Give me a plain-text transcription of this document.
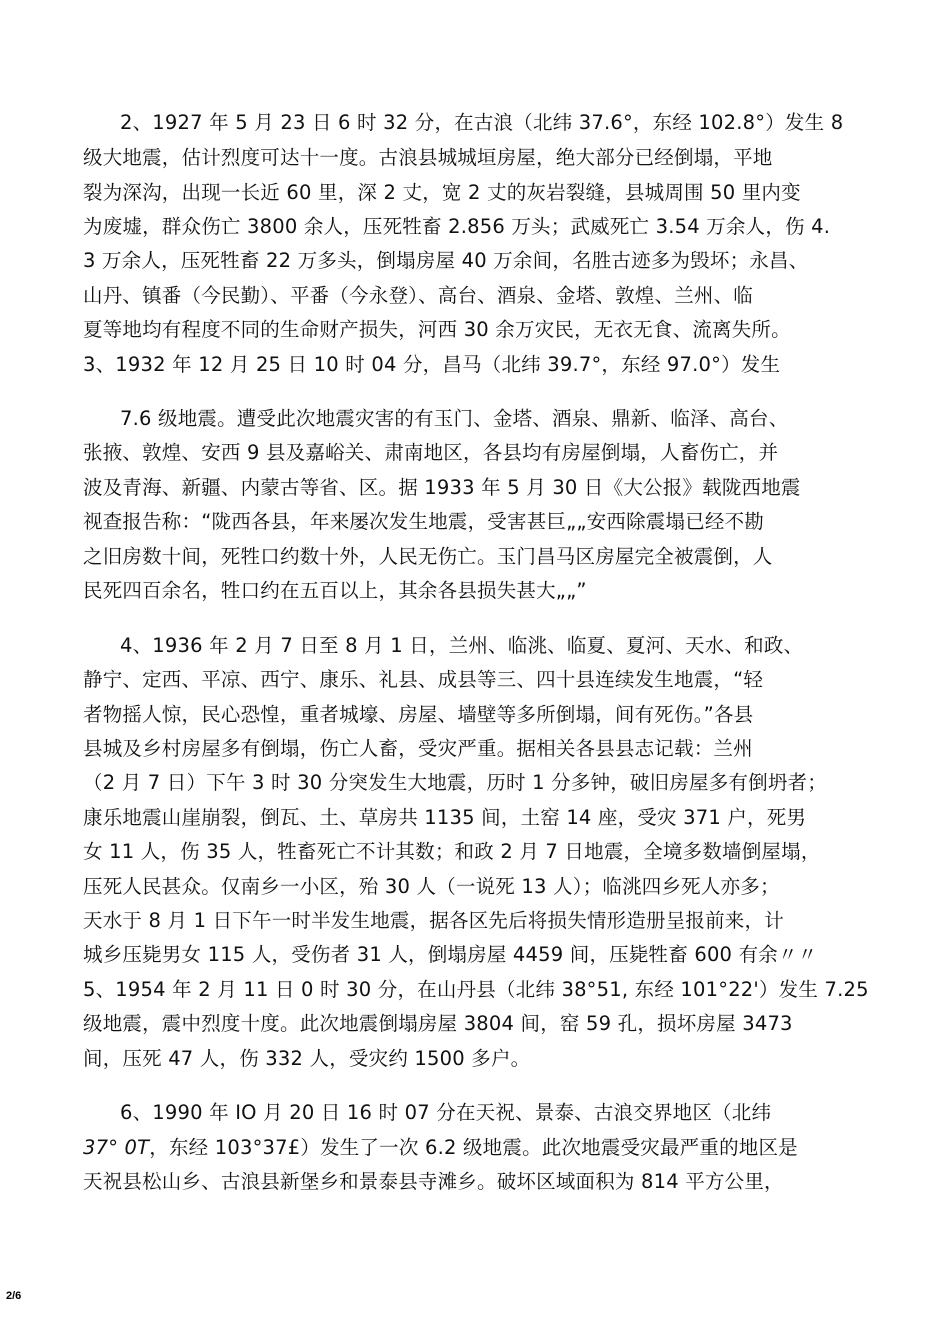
2、1927 年 5 月 23 日 6 时 32 分，在古浪（北纬 37.6°，东经 102.8°）发生 8
级大地震，估计烈度可达十一度。古浪县城城垣房屋，绝大部分已经倒塌，平地
裂为深沟，出现一长近 60 里，深 2 丈，宽 2 丈的灰岩裂缝，县城周围 50 里内变
为废墟，群众伤亡 3800 余人，压死牲畜 2.856 万头；武威死亡 3.54 万余人，伤 4.
3 万余人，压死牲畜 22 万多头，倒塌房屋 40 万余间，名胜古迹多为毁坏；永昌、
山丹、镇番（今民勤）、平番（今永登）、高台、酒泉、金塔、敦煌、兰州、临
夏等地均有程度不同的生命财产损失，河西 30 余万灾民，无衣无食、流离失所。
3、1932 年 12 月 25 日 10 时 04 分，昌马（北纬 39.7°，东经 97.0°）发生
7.6 级地震。遭受此次地震灾害的有玉门、金塔、酒泉、鼎新、临泽、高台、
张掖、敦煌、安西 9 县及嘉峪关、肃南地区，各县均有房屋倒塌，人畜伤亡，并
波及青海、新疆、内蒙古等省、区。据 1933 年 5 月 30 日《大公报》载陇西地震
视查报告称：“陇西各县，年来屡次发生地震，受害甚巨„„安西除震塌已经不勘
之旧房数十间，死牲口约数十外，人民无伤亡。玉门昌马区房屋完全被震倒，人
民死四百余名，牲口约在五百以上，其余各县损失甚大„„”
4、1936 年 2 月 7 日至 8 月 1 日，兰州、临洮、临夏、夏河、天水、和政、
静宁、定西、平凉、西宁、康乐、礼县、成县等三、四十县连续发生地震，“轻
者物摇人惊，民心恐惶，重者城壕、房屋、墙壁等多所倒塌，间有死伤。”各县
县城及乡村房屋多有倒塌，伤亡人畜，受灾严重。据相关各县县志记载：兰州
（2 月 7 日）下午 3 时 30 分突发生大地震，历时 1 分多钟，破旧房屋多有倒坍者；
康乐地震山崖崩裂，倒瓦、土、草房共 1135 间，土窑 14 座，受灾 371 户，死男
女 11 人，伤 35 人，牲畜死亡不计其数；和政 2 月 7 日地震，全境多数墙倒屋塌，
压死人民甚众。仅南乡一小区，殆 30 人（一说死 13 人）；临洮四乡死人亦多；
天水于 8 月 1 日下午一时半发生地震，据各区先后将损失情形造册呈报前来，计
城乡压毙男女 115 人，受伤者 31 人，倒塌房屋 4459 间，压毙牲畜 600 有余〃〃
5、1954 年 2 月 11 日 0 时 30 分，在山丹县（北纬 38°51, 东经 101°22'）发生 7.25
级地震，震中烈度十度。此次地震倒塌房屋 3804 间，窑 59 孔，损坏房屋 3473
间，压死 47 人，伤 332 人，受灾约 1500 多户。
6、1990 年 IO 月 20 日 16 时 07 分在天祝、景泰、古浪交界地区（北纬
37° 0T，东经 103°37£）发生了一次 6.2 级地震。此次地震受灾最严重的地区是
天祝县松山乡、古浪县新堡乡和景泰县寺滩乡。破坏区域面积为 814 平方公里，
2/6
